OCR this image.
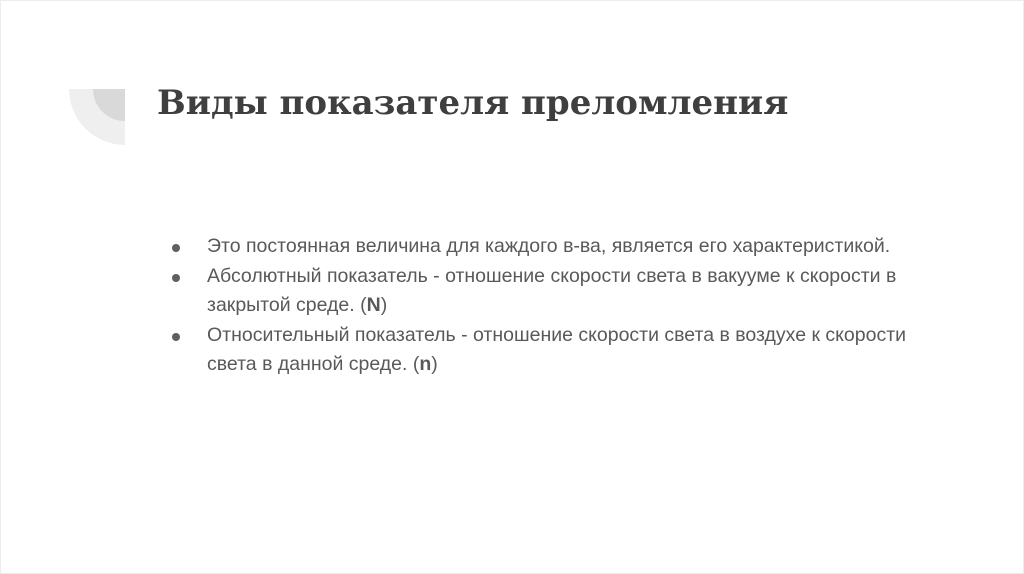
Виды показателя преломления
Это постоянная величина для каждого в-ва, является его характеристикой.
Абсолютный показатель - отношение скорости света в вакууме к скорости в закрытой среде. (N)
Относительный показатель - отношение скорости света в воздухе к скорости света в данной среде. (n)
